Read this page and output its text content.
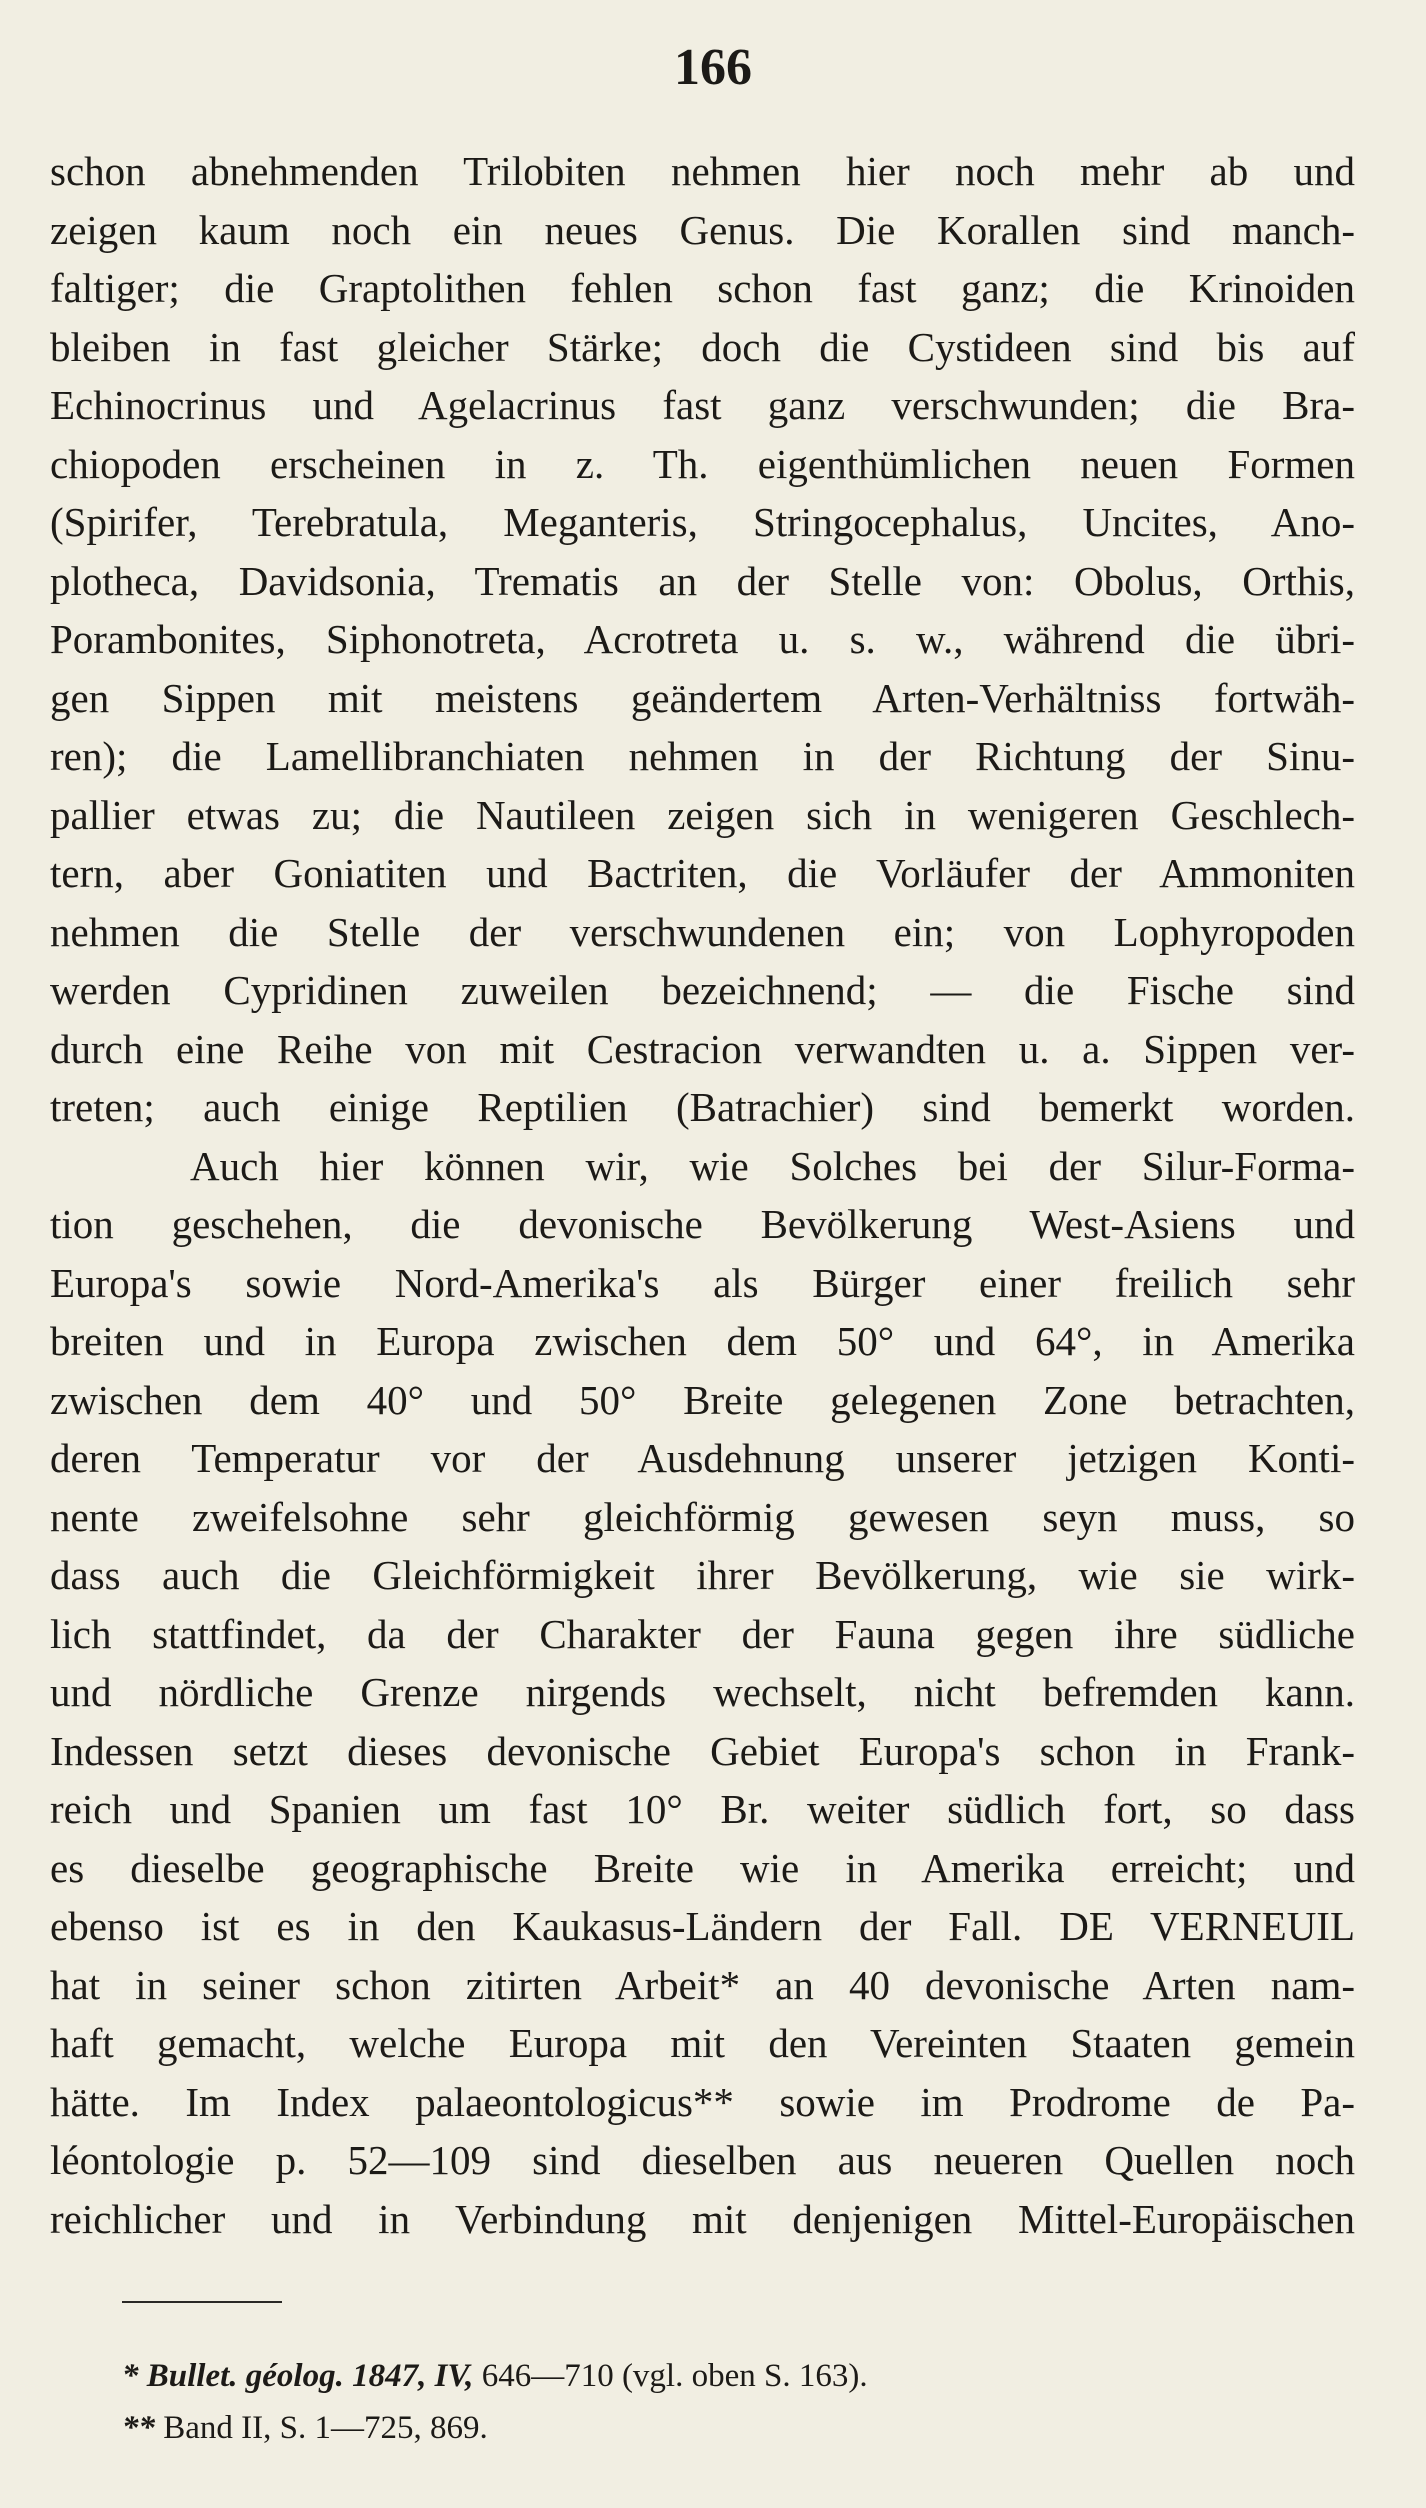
166
schon abnehmenden Trilobiten nehmen hier noch mehr ab und
zeigen kaum noch ein neues Genus. Die Korallen sind manch-
faltiger; die Graptolithen fehlen schon fast ganz; die Krinoiden
bleiben in fast gleicher Stärke; doch die Cystideen sind bis auf
Echinocrinus und Agelacrinus fast ganz verschwunden; die Bra-
chiopoden erscheinen in z. Th. eigenthümlichen neuen Formen
(Spirifer, Terebratula, Meganteris, Stringocephalus, Uncites, Ano-
plotheca, Davidsonia, Trematis an der Stelle von: Obolus, Orthis,
Porambonites, Siphonotreta, Acrotreta u. s. w., während die übri-
gen Sippen mit meistens geändertem Arten-Verhältniss fortwäh-
ren); die Lamellibranchiaten nehmen in der Richtung der Sinu-
pallier etwas zu; die Nautileen zeigen sich in wenigeren Geschlech-
tern, aber Goniatiten und Bactriten, die Vorläufer der Ammoniten
nehmen die Stelle der verschwundenen ein; von Lophyropoden
werden Cypridinen zuweilen bezeichnend; — die Fische sind
durch eine Reihe von mit Cestracion verwandten u. a. Sippen ver-
treten; auch einige Reptilien (Batrachier) sind bemerkt worden.
Auch hier können wir, wie Solches bei der Silur-Forma-
tion geschehen, die devonische Bevölkerung West-Asiens und
Europa's sowie Nord-Amerika's als Bürger einer freilich sehr
breiten und in Europa zwischen dem 50° und 64°, in Amerika
zwischen dem 40° und 50° Breite gelegenen Zone betrachten,
deren Temperatur vor der Ausdehnung unserer jetzigen Konti-
nente zweifelsohne sehr gleichförmig gewesen seyn muss, so
dass auch die Gleichförmigkeit ihrer Bevölkerung, wie sie wirk-
lich stattfindet, da der Charakter der Fauna gegen ihre südliche
und nördliche Grenze nirgends wechselt, nicht befremden kann.
Indessen setzt dieses devonische Gebiet Europa's schon in Frank-
reich und Spanien um fast 10° Br. weiter südlich fort, so dass
es dieselbe geographische Breite wie in Amerika erreicht; und
ebenso ist es in den Kaukasus-Ländern der Fall. DE VERNEUIL
hat in seiner schon zitirten Arbeit* an 40 devonische Arten nam-
haft gemacht, welche Europa mit den Vereinten Staaten gemein
hätte. Im Index palaeontologicus** sowie im Prodrome de Pa-
léontologie p. 52—109 sind dieselben aus neueren Quellen noch
reichlicher und in Verbindung mit denjenigen Mittel-Europäischen
* Bullet. géolog. 1847, IV, 646—710 (vgl. oben S. 163).
** Band II, S. 1—725, 869.
